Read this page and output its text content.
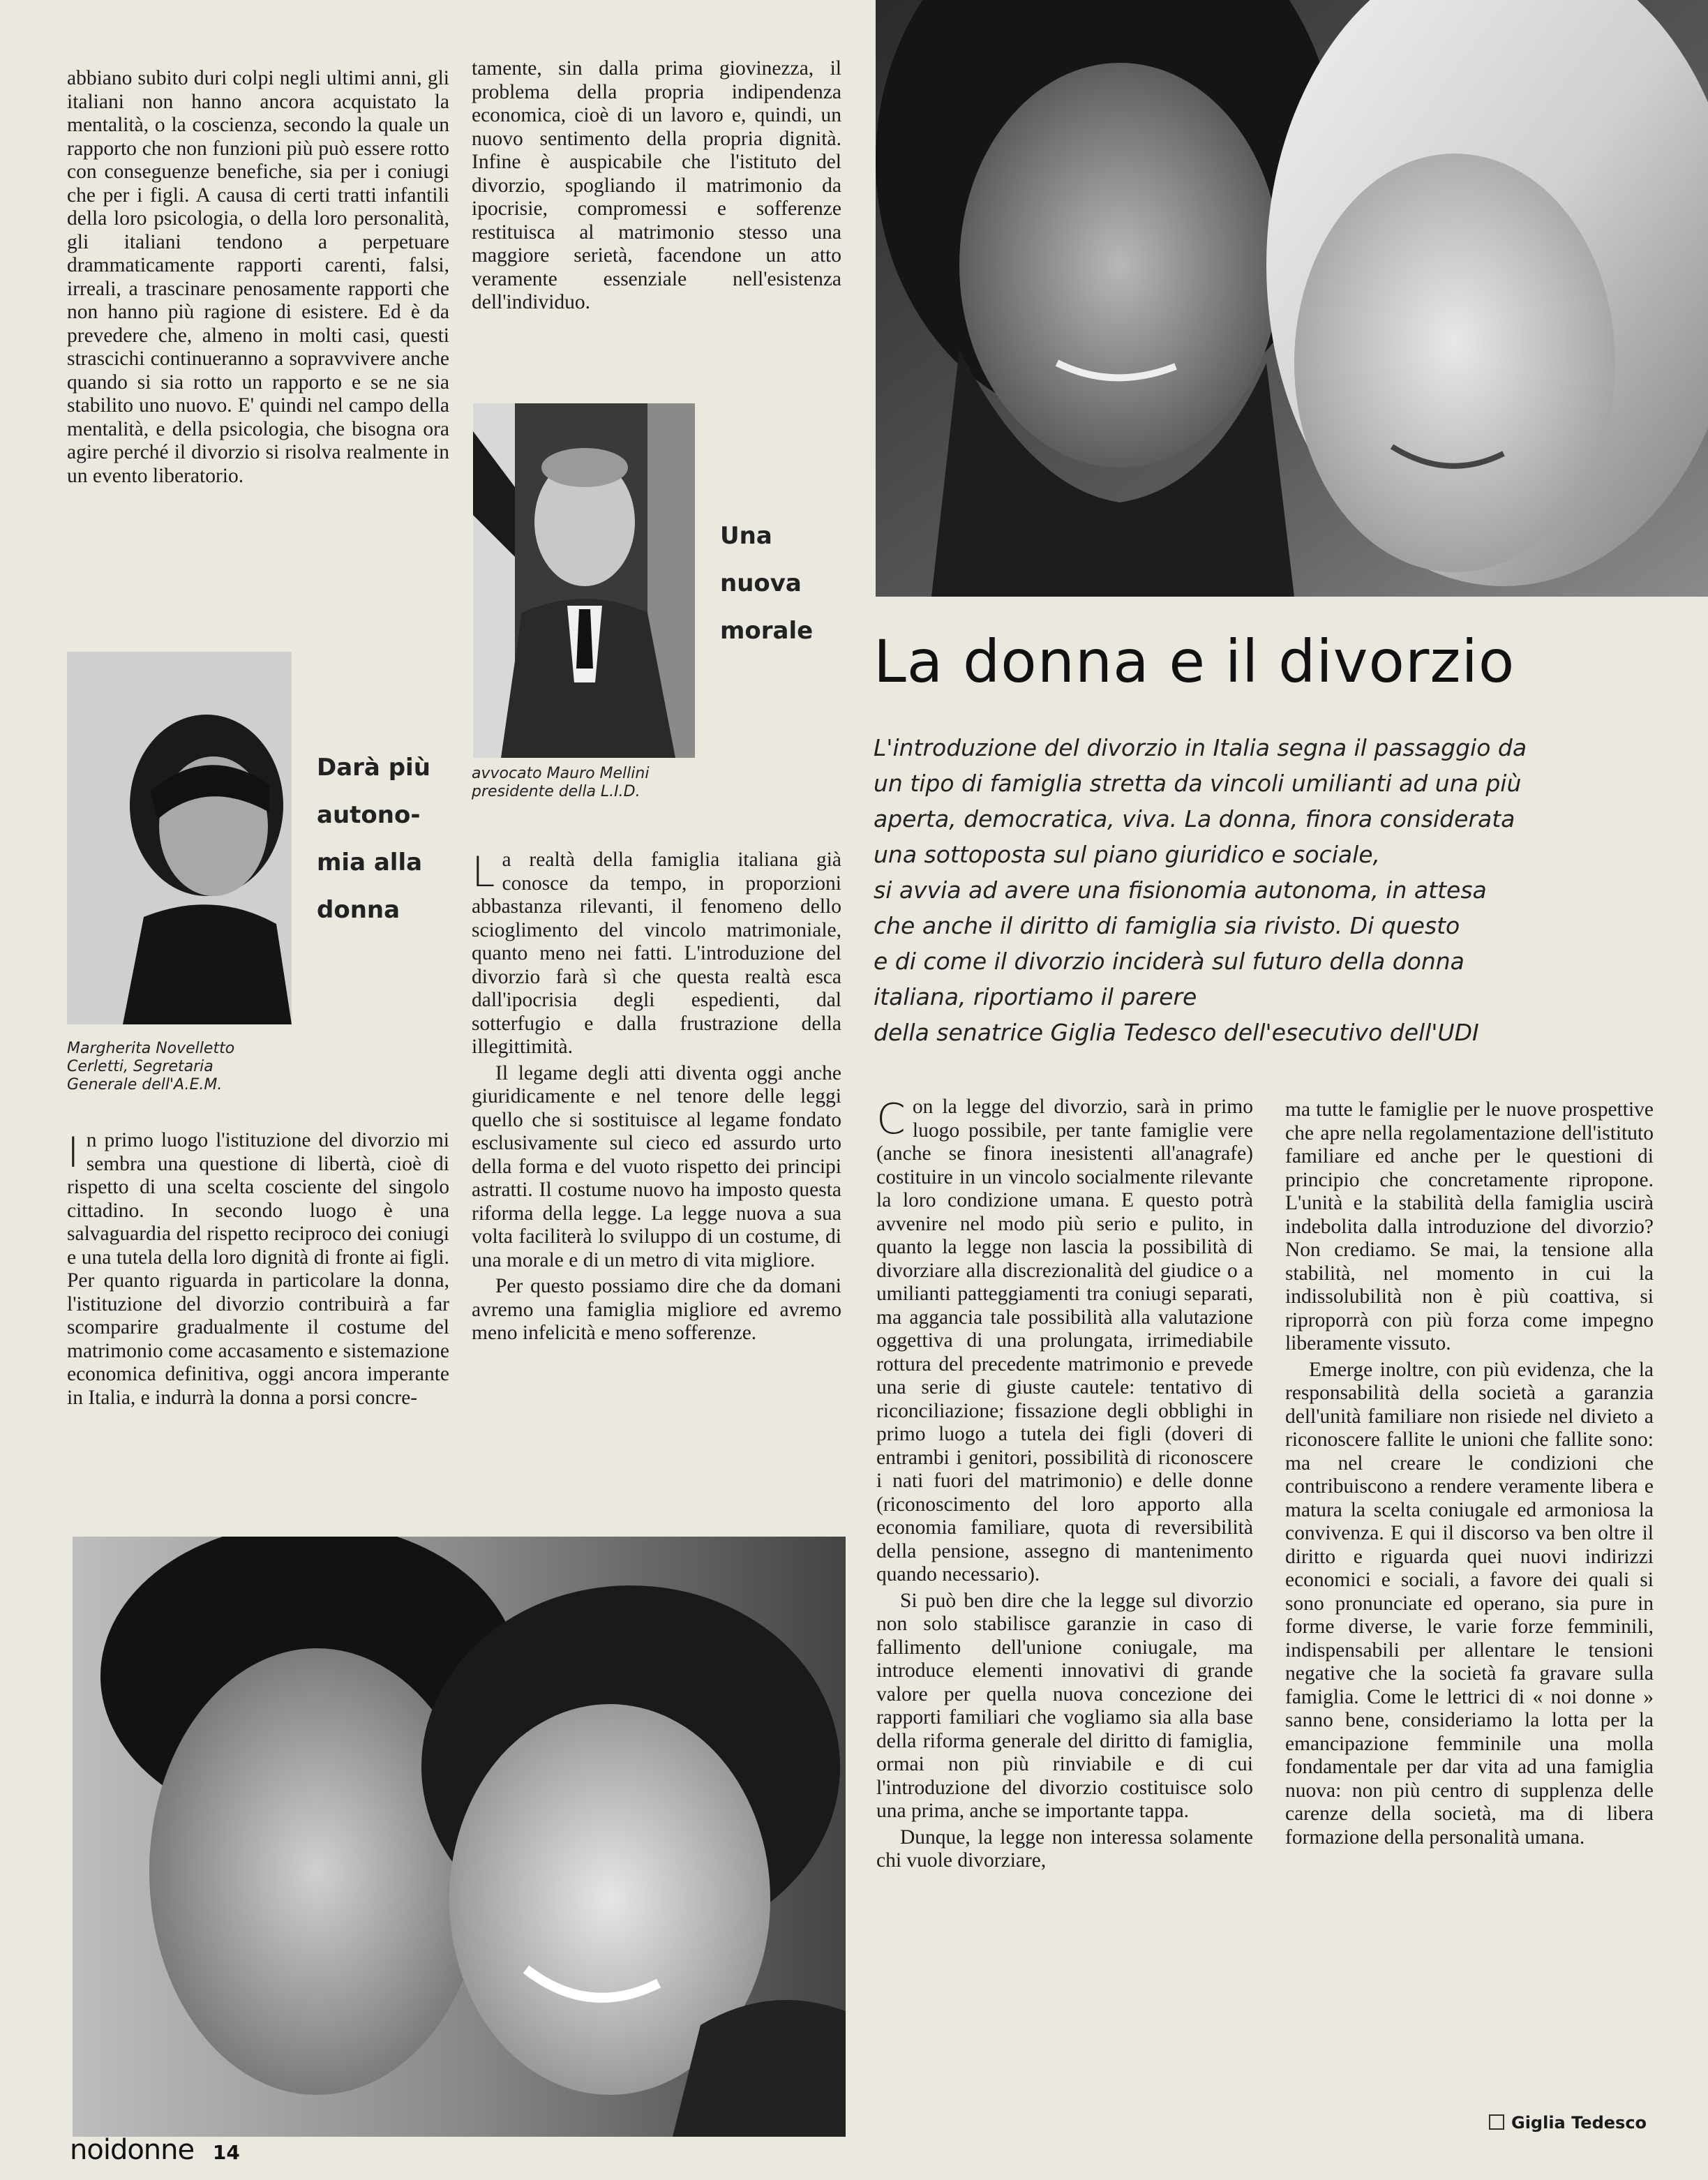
abbiano subito duri colpi negli ultimi anni, gli italiani non hanno ancora acquistato la mentalità, o la coscienza, secondo la quale un rapporto che non funzioni più può essere rotto con conseguenze benefiche, sia per i coniugi che per i figli. A causa di certi tratti infantili della loro psicologia, o della loro personalità, gli italiani tendono a perpetuare drammaticamente rapporti carenti, falsi, irreali, a trascinare penosamente rapporti che non hanno più ragione di esistere. Ed è da prevedere che, almeno in molti casi, questi strascichi continueranno a sopravvivere anche quando si sia rotto un rapporto e se ne sia stabilito uno nuovo. E' quindi nel campo della mentalità, e della psicologia, che bisogna ora agire perché il divorzio si risolva realmente in un evento liberatorio.

tamente, sin dalla prima giovinezza, il problema della propria indipendenza economica, cioè di un lavoro e, quindi, un nuovo sentimento della propria dignità. Infine è auspicabile che l'istituto del divorzio, spogliando il matrimonio da ipocrisie, compromessi e sofferenze restituisca al matrimonio stesso una maggiore serietà, facendone un atto veramente essenziale nell'esistenza dell'individuo.

avvocato Mauro Mellini
presidente della L.I.D.
Una
nuova
morale
Darà più
autono-
mia alla
donna
Margherita Novelletto
Cerletti, Segretaria
Generale dell'A.E.M.
La donna e il divorzio
L'introduzione del divorzio in Italia segna il passaggio da
un tipo di famiglia stretta da vincoli umilianti ad una più
aperta, democratica, viva. La donna, finora considerata
una sottoposta sul piano giuridico e sociale,
si avvia ad avere una fisionomia autonoma, in attesa
che anche il diritto di famiglia sia rivisto. Di questo
e di come il divorzio inciderà sul futuro della donna
italiana, riportiamo il parere
della senatrice Giglia Tedesco dell'esecutivo dell'UDI

La realtà della famiglia italiana già conosce da tempo, in proporzioni abbastanza rilevanti, il fenomeno dello scioglimento del vincolo matrimoniale, quanto meno nei fatti. L'introduzione del divorzio farà sì che questa realtà esca dall'ipocrisia degli espedienti, dal sotterfugio e dalla frustrazione della illegittimità.

Il legame degli atti diventa oggi anche giuridicamente e nel tenore delle leggi quello che si sostituisce al legame fondato esclusivamente sul cieco ed assurdo urto della forma e del vuoto rispetto dei principi astratti. Il costume nuovo ha imposto questa riforma della legge. La legge nuova a sua volta faciliterà lo sviluppo di un costume, di una morale e di un metro di vita migliore.

Per questo possiamo dire che da domani avremo una famiglia migliore ed avremo meno infelicità e meno sofferenze.

In primo luogo l'istituzione del divorzio mi sembra una questione di libertà, cioè di rispetto di una scelta cosciente del singolo cittadino. In secondo luogo è una salvaguardia del rispetto reciproco dei coniugi e una tutela della loro dignità di fronte ai figli. Per quanto riguarda in particolare la donna, l'istituzione del divorzio contribuirà a far scomparire gradualmente il costume del matrimonio come accasamento e sistemazione economica definitiva, oggi ancora imperante in Italia, e indurrà la donna a porsi concre-

Con la legge del divorzio, sarà in primo luogo possibile, per tante famiglie vere (anche se finora inesistenti all'anagrafe) costituire in un vincolo socialmente rilevante la loro condizione umana. E questo potrà avvenire nel modo più serio e pulito, in quanto la legge non lascia la possibilità di divorziare alla discrezionalità del giudice o a umilianti patteggiamenti tra coniugi separati, ma aggancia tale possibilità alla valutazione oggettiva di una prolungata, irrimediabile rottura del precedente matrimonio e prevede una serie di giuste cautele: tentativo di riconciliazione; fissazione degli obblighi in primo luogo a tutela dei figli (doveri di entrambi i genitori, possibilità di riconoscere i nati fuori del matrimonio) e delle donne (riconoscimento del loro apporto alla economia familiare, quota di reversibilità della pensione, assegno di mantenimento quando necessario).

Si può ben dire che la legge sul divorzio non solo stabilisce garanzie in caso di fallimento dell'unione coniugale, ma introduce elementi innovativi di grande valore per quella nuova concezione dei rapporti familiari che vogliamo sia alla base della riforma generale del diritto di famiglia, ormai non più rinviabile e di cui l'introduzione del divorzio costituisce solo una prima, anche se importante tappa.

Dunque, la legge non interessa solamente chi vuole divorziare,

ma tutte le famiglie per le nuove prospettive che apre nella regolamentazione dell'istituto familiare ed anche per le questioni di principio che concretamente ripropone. L'unità e la stabilità della famiglia uscirà indebolita dalla introduzione del divorzio? Non crediamo. Se mai, la tensione alla stabilità, nel momento in cui la indissolubilità non è più coattiva, si riproporrà con più forza come impegno liberamente vissuto.

Emerge inoltre, con più evidenza, che la responsabilità della società a garanzia dell'unità familiare non risiede nel divieto a riconoscere fallite le unioni che fallite sono: ma nel creare le condizioni che contribuiscono a rendere veramente libera e matura la scelta coniugale ed armoniosa la convivenza. E qui il discorso va ben oltre il diritto e riguarda quei nuovi indirizzi economici e sociali, a favore dei quali si sono pronunciate ed operano, sia pure in forme diverse, le varie forze femminili, indispensabili per allentare le tensioni negative che la società fa gravare sulla famiglia. Come le lettrici di « noi donne » sanno bene, consideriamo la lotta per la emancipazione femminile una molla fondamentale per dar vita ad una famiglia nuova: non più centro di supplenza delle carenze della società, ma di libera formazione della personalità umana.

Giglia Tedesco
noidonne 14
